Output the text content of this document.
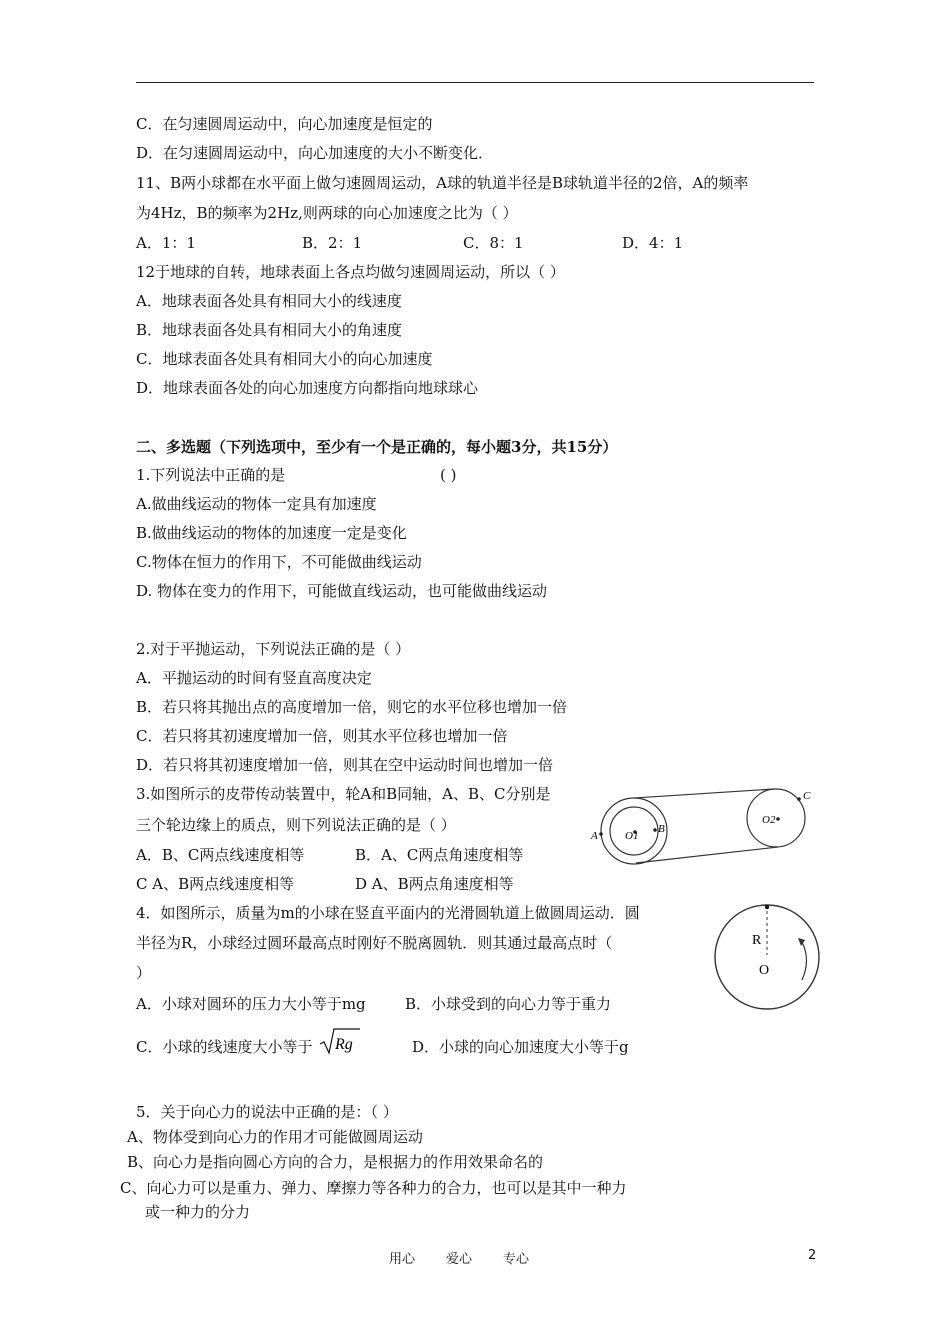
C．在匀速圆周运动中，向心加速度是恒定的
D．在匀速圆周运动中，向心加速度的大小不断变化．
11、B两小球都在水平面上做匀速圆周运动，A球的轨道半径是B球轨道半径的2倍，A的频率
为4Hz，B的频率为2Hz,则两球的向心加速度之比为（ ）
A．1：1	B．2：1	C．8：1	D．4：1
12于地球的自转，地球表面上各点均做匀速圆周运动，所以（ ）
A．地球表面各处具有相同大小的线速度
B．地球表面各处具有相同大小的角速度
C．地球表面各处具有相同大小的向心加速度
D．地球表面各处的向心加速度方向都指向地球球心
二、多选题（下列选项中，至少有一个是正确的，每小题3分，共15分）
1.下列说法中正确的是	( )
A.做曲线运动的物体一定具有加速度
B.做曲线运动的物体的加速度一定是变化
C.物体在恒力的作用下，不可能做曲线运动
D. 物体在变力的作用下，可能做直线运动，也可能做曲线运动
2.对于平抛运动，下列说法正确的是（ ）
A．平抛运动的时间有竖直高度决定
B．若只将其抛出点的高度增加一倍，则它的水平位移也增加一倍
C．若只将其初速度增加一倍，则其水平位移也增加一倍
D．若只将其初速度增加一倍，则其在空中运动时间也增加一倍
3.如图所示的皮带传动装置中，轮A和B同轴，A、B、C分别是
三个轮边缘上的质点，则下列说法正确的是（ ）
A．B、C两点线速度相等	B．A、C两点角速度相等
C A、B两点线速度相等	D A、B两点角速度相等
A O1
B
O2
C
4．如图所示，质量为m的小球在竖直平面内的光滑圆轨道上做圆周运动．圆
半径为R，小球经过圆环最高点时刚好不脱离圆轨．则其通过最高点时（
）
A．小球对圆环的压力大小等于mg	B．小球受到的向心力等于重力
C．小球的线速度大小等于 Rg	D．小球的向心加速度大小等于g
R
O
5．关于向心力的说法中正确的是：（ ）
A、物体受到向心力的作用才可能做圆周运动
B、向心力是指向圆心方向的合力，是根据力的作用效果命名的
C、向心力可以是重力、弹力、摩擦力等各种力的合力，也可以是其中一种力
或一种力的分力
用心 爱心 专心	2
